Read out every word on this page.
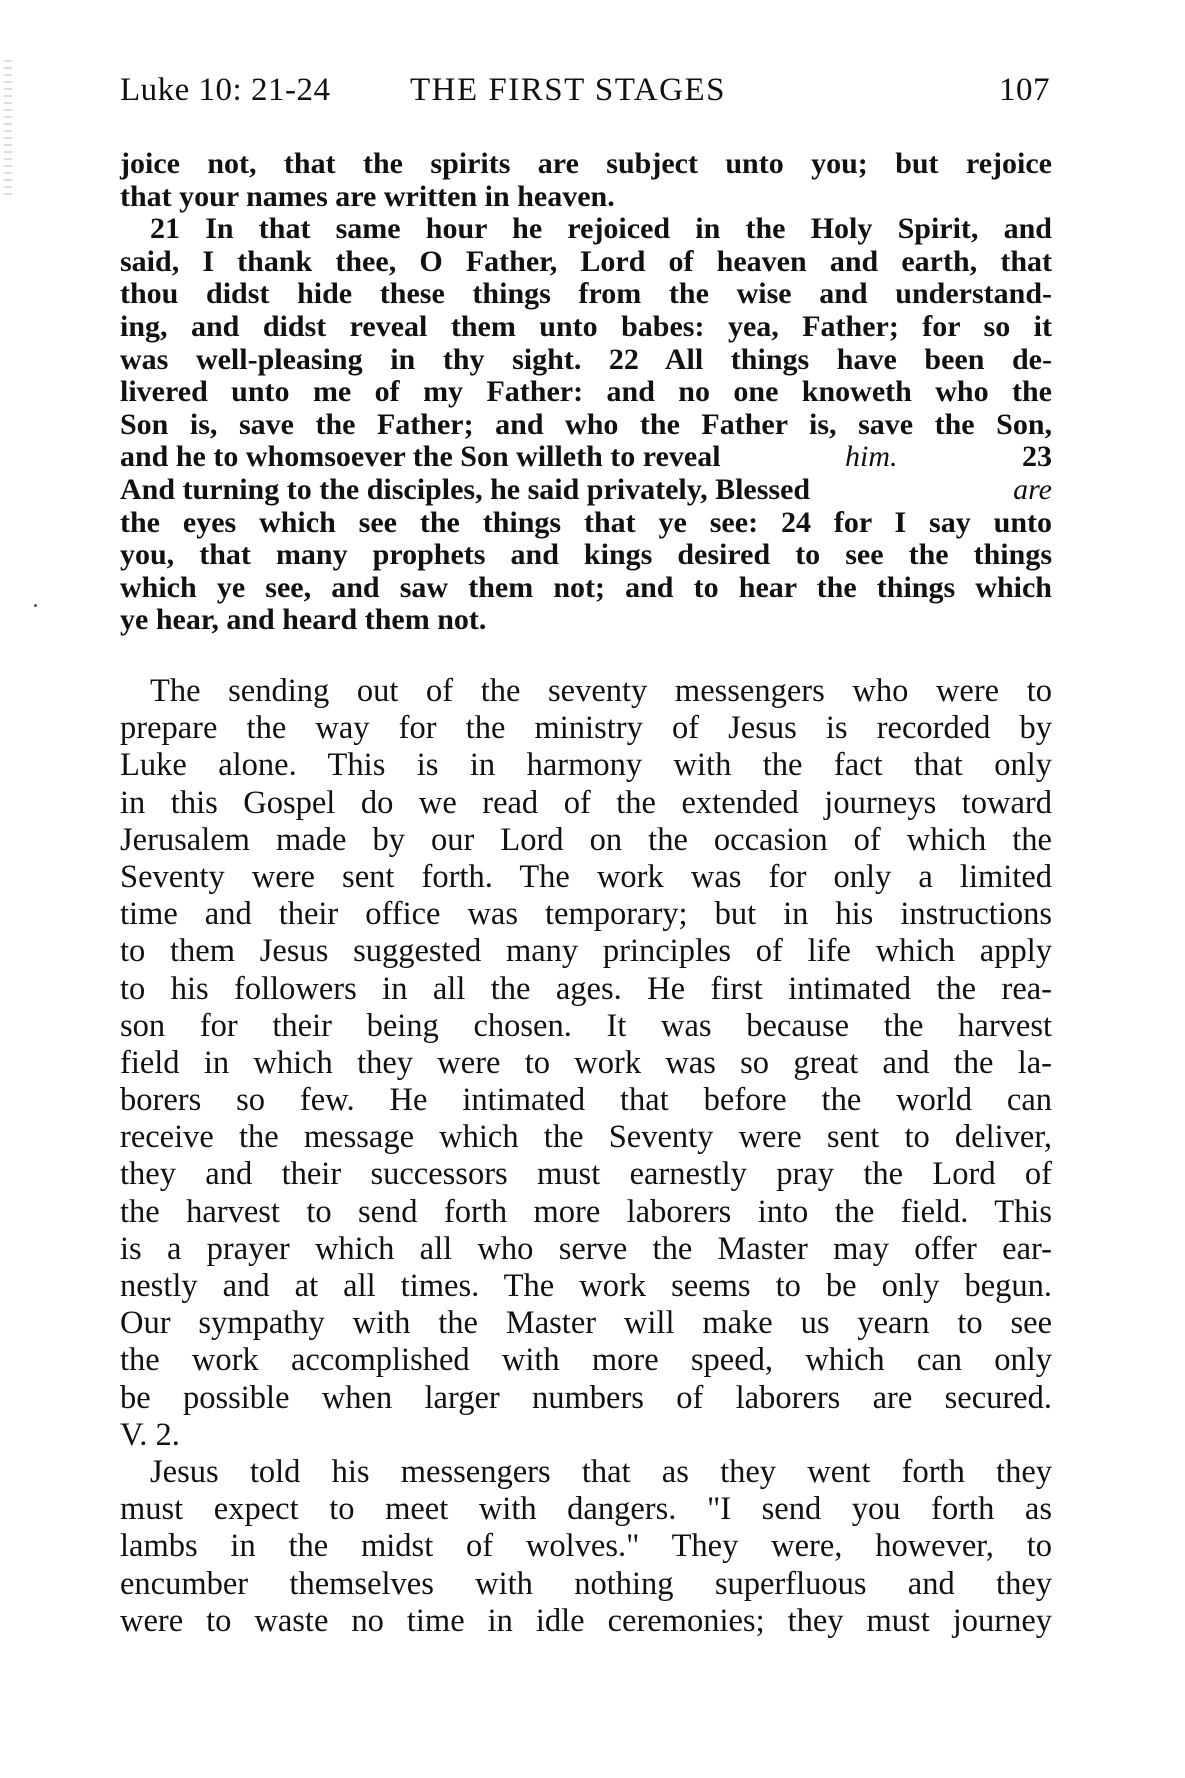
Luke 10: 21-24 THE FIRST STAGES	107
joice not, that the spirits are subject unto you; but rejoice
that your names are written in heaven.
21 In that same hour he rejoiced in the Holy Spirit, and
said, I thank thee, O Father, Lord of heaven and earth, that
thou didst hide these things from the wise and understand-
ing, and didst reveal them unto babes: yea, Father; for so it
was well-pleasing in thy sight. 22 All things have been de-
livered unto me of my Father: and no one knoweth who the
Son is, save the Father; and who the Father is, save the Son,
and he to whomsoever the Son willeth to reveal	him.	23
And turning to the disciples, he said privately, Blessed	are
the eyes which see the things that ye see: 24 for I say unto
you, that many prophets and kings desired to see the things
which ye see, and saw them not; and to hear the things which
ye hear, and heard them not.
The sending out of the seventy messengers who were to
prepare the way for the ministry of Jesus is recorded by
Luke alone. This is in harmony with the fact that only
in this Gospel do we read of the extended journeys toward
Jerusalem made by our Lord on the occasion of which the
Seventy were sent forth. The work was for only a limited
time and their office was temporary; but in his instructions
to them Jesus suggested many principles of life which apply
to his followers in all the ages. He first intimated the rea-
son for their being chosen. It was because the harvest
field in which they were to work was so great and the la-
borers so few. He intimated that before the world can
receive the message which the Seventy were sent to deliver,
they and their successors must earnestly pray the Lord of
the harvest to send forth more laborers into the field. This
is a prayer which all who serve the Master may offer ear-
nestly and at all times. The work seems to be only begun.
Our sympathy with the Master will make us yearn to see
the work accomplished with more speed, which can only
be possible when larger numbers of laborers are secured.
V. 2.
Jesus told his messengers that as they went forth they
must expect to meet with dangers. "I send you forth as
lambs in the midst of wolves." They were, however, to
encumber themselves with nothing superfluous and they
were to waste no time in idle ceremonies; they must journey
